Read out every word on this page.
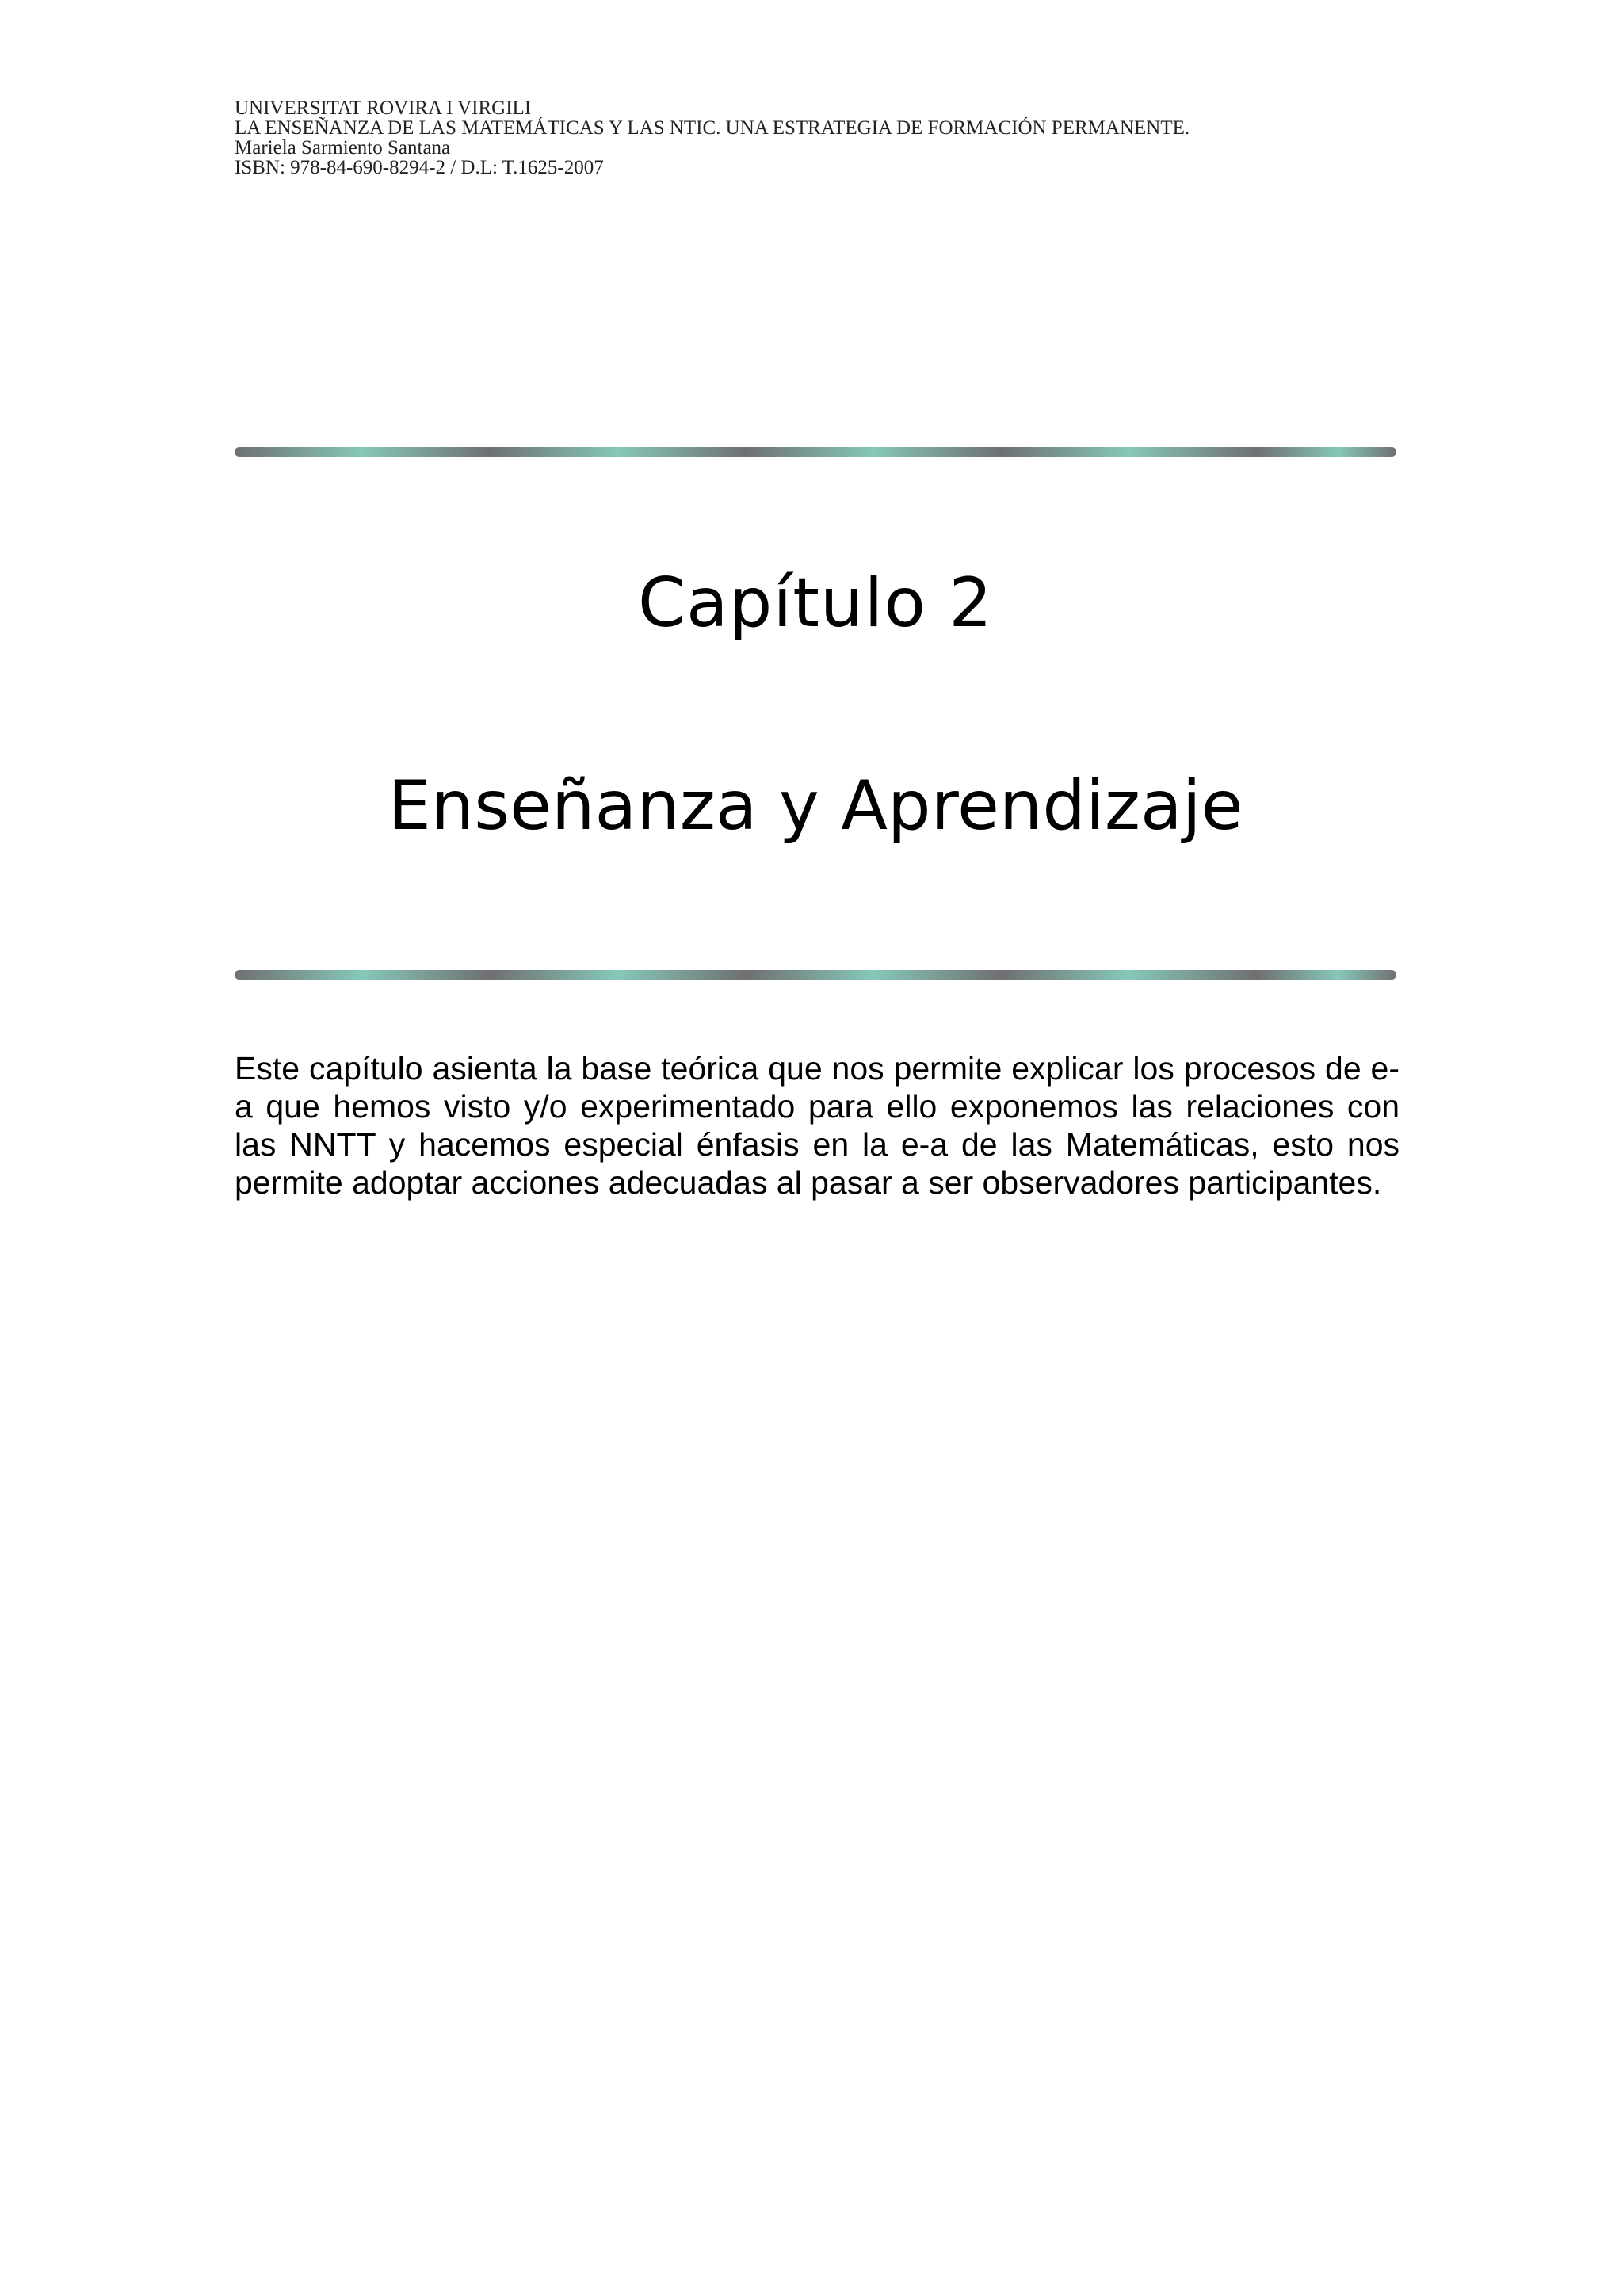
UNIVERSITAT ROVIRA I VIRGILI
LA ENSEÑANZA DE LAS MATEMÁTICAS Y LAS NTIC. UNA ESTRATEGIA DE FORMACIÓN PERMANENTE.
Mariela Sarmiento Santana
ISBN: 978-84-690-8294-2 / D.L: T.1625-2007
Capítulo 2
Enseñanza y Aprendizaje

Este capítulo asienta la base teórica que nos permite explicar los procesos de e-a que hemos visto y/o experimentado para ello exponemos las relaciones con las NNTT y hacemos especial énfasis en la e-a de las Matemáticas, esto nos permite adoptar acciones adecuadas al pasar a ser observadores participantes.
